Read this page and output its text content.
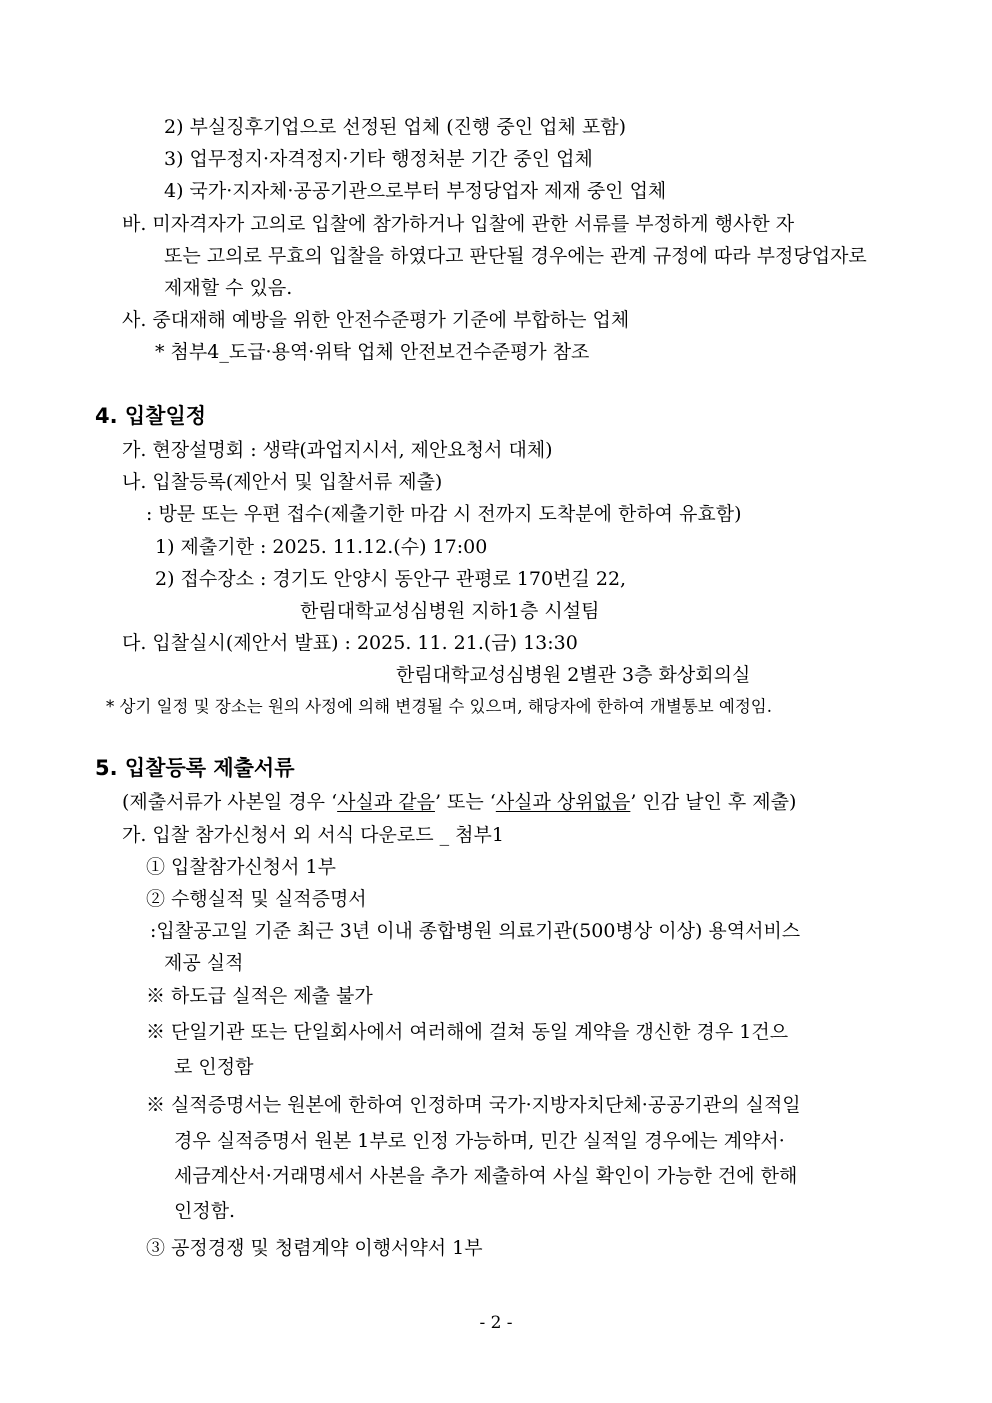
2) 부실징후기업으로 선정된 업체 (진행 중인 업체 포함)
3) 업무정지·자격정지·기타 행정처분 기간 중인 업체
4) 국가·지자체·공공기관으로부터 부정당업자 제재 중인 업체
바. 미자격자가 고의로 입찰에 참가하거나 입찰에 관한 서류를 부정하게 행사한 자
또는 고의로 무효의 입찰을 하였다고 판단될 경우에는 관계 규정에 따라 부정당업자로
제재할 수 있음.
사. 중대재해 예방을 위한 안전수준평가 기준에 부합하는 업체
* 첨부4_도급·용역·위탁 업체 안전보건수준평가 참조
4. 입찰일정
가. 현장설명회 : 생략(과업지시서, 제안요청서 대체)
나. 입찰등록(제안서 및 입찰서류 제출)
: 방문 또는 우편 접수(제출기한 마감 시 전까지 도착분에 한하여 유효함)
1) 제출기한 : 2025. 11.12.(수) 17:00
2) 접수장소 : 경기도 안양시 동안구 관평로 170번길 22,
한림대학교성심병원 지하1층 시설팀
다. 입찰실시(제안서 발표) : 2025. 11. 21.(금) 13:30
한림대학교성심병원 2별관 3층 화상회의실
* 상기 일정 및 장소는 원의 사정에 의해 변경될 수 있으며, 해당자에 한하여 개별통보 예정임.
5. 입찰등록 제출서류
(제출서류가 사본일 경우 ‘사실과 같음’ 또는 ‘사실과 상위없음’ 인감 날인 후 제출)
가. 입찰 참가신청서 외 서식 다운로드 _ 첨부1
① 입찰참가신청서 1부
② 수행실적 및 실적증명서
:입찰공고일 기준 최근 3년 이내 종합병원 의료기관(500병상 이상) 용역서비스
제공 실적
※ 하도급 실적은 제출 불가
※ 단일기관 또는 단일회사에서 여러해에 걸쳐 동일 계약을 갱신한 경우 1건으
로 인정함
※ 실적증명서는 원본에 한하여 인정하며 국가·지방자치단체·공공기관의 실적일
경우 실적증명서 원본 1부로 인정 가능하며, 민간 실적일 경우에는 계약서·
세금계산서·거래명세서 사본을 추가 제출하여 사실 확인이 가능한 건에 한해
인정함.
③ 공정경쟁 및 청렴계약 이행서약서 1부
- 2 -
